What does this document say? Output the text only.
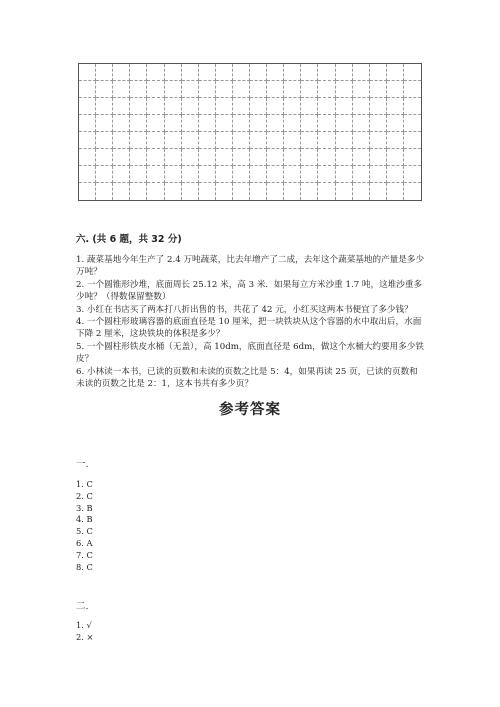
六. (共 6 题，共 32 分)

1. 蔬菜基地今年生产了 2.4 万吨蔬菜，比去年增产了二成，去年这个蔬菜基地的产量是多少万吨？

2. 一个圆锥形沙堆，底面周长 25.12 米，高 3 米．如果每立方米沙重 1.7 吨，这堆沙重多少吨？（得数保留整数）

3. 小红在书店买了两本打八折出售的书，共花了 42 元，小红买这两本书便宜了多少钱？

4. 一个圆柱形玻璃容器的底面直径是 10 厘米，把一块铁块从这个容器的水中取出后，水面下降 2 厘米，这块铁块的体积是多少？

5. 一个圆柱形铁皮水桶（无盖），高 10dm，底面直径是 6dm，做这个水桶大约要用多少铁皮？

6. 小林读一本书，已读的页数和未读的页数之比是 5：4，如果再读 25 页，已读的页数和未读的页数之比是 2：1，这本书共有多少页？

参考答案
一.
1. C
2. C
3. B
4. B
5. C
6. A
7. C
8. C
二.
1. √
2. ×
